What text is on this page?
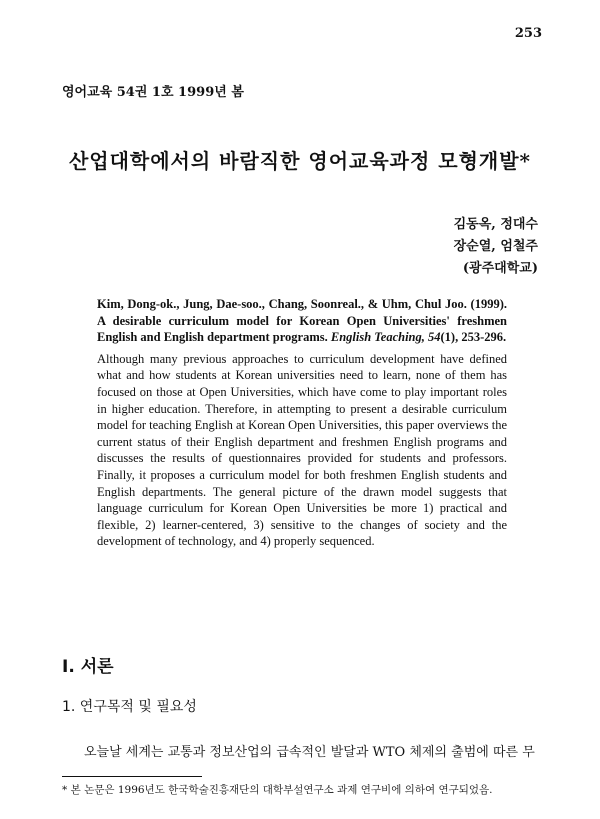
253
영어교육 54권 1호 1999년 봄
산업대학에서의 바람직한 영어교육과정 모형개발*
김동옥, 정대수
장순열, 엄철주
(광주대학교)
Kim, Dong-ok., Jung, Dae-soo., Chang, Soonreal., & Uhm, Chul Joo. (1999). A desirable curriculum model for Korean Open Universities' freshmen English and English department programs. English Teaching, 54(1), 253-296.
Although many previous approaches to curriculum development have defined what and how students at Korean universities need to learn, none of them has focused on those at Open Universities, which have come to play important roles in higher education. Therefore, in attempting to present a desirable curriculum model for teaching English at Korean Open Universities, this paper overviews the current status of their English department and freshmen English programs and discusses the results of questionnaires provided for students and professors. Finally, it proposes a curriculum model for both freshmen English students and English departments. The general picture of the drawn model suggests that language curriculum for Korean Open Universities be more 1) practical and flexible, 2) learner-centered, 3) sensitive to the changes of society and the development of technology, and 4) properly sequenced.
I. 서론
1. 연구목적 및 필요성
오늘날 세계는 교통과 정보산업의 급속적인 발달과 WTO 체제의 출범에 따른 무
* 본 논문은 1996년도 한국학술진흥재단의 대학부설연구소 과제 연구비에 의하여 연구되었음.
